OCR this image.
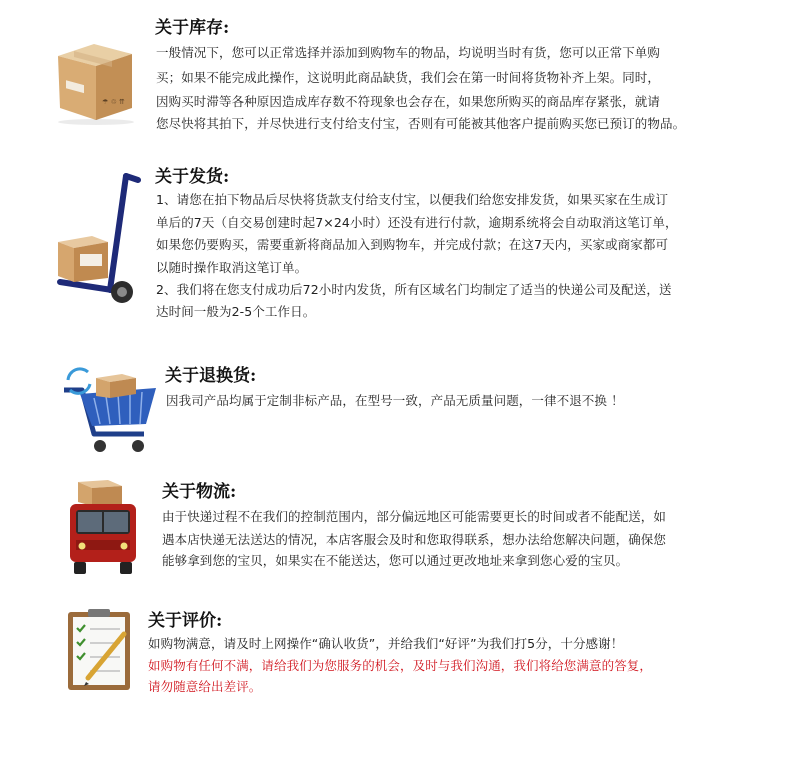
☂ ♲ ⇈
关于库存:
一般情况下，您可以正常选择并添加到购物车的物品，均说明当时有货，您可以正常下单购
买；如果不能完成此操作，这说明此商品缺货，我们会在第一时间将货物补齐上架。同时，
因购买时滞等各种原因造成库存数不符现象也会存在，如果您所购买的商品库存紧张，就请
您尽快将其拍下，并尽快进行支付给支付宝，否则有可能被其他客户提前购买您已预订的物品。
关于发货:
1、请您在拍下物品后尽快将货款支付给支付宝，以便我们给您安排发货，如果买家在生成订
单后的7天（自交易创建时起7×24小时）还没有进行付款，逾期系统将会自动取消这笔订单，
如果您仍要购买，需要重新将商品加入到购物车，并完成付款；在这7天内，买家或商家都可
以随时操作取消这笔订单。
2、我们将在您支付成功后72小时内发货，所有区域名门均制定了适当的快递公司及配送，送
达时间一般为2-5个工作日。
关于退换货:
因我司产品均属于定制非标产品，在型号一致，产品无质量问题，一律不退不换 ！
关于物流:
由于快递过程不在我们的控制范围内，部分偏远地区可能需要更长的时间或者不能配送，如
遇本店快递无法送达的情况，本店客服会及时和您取得联系，想办法给您解决问题，确保您
能够拿到您的宝贝，如果实在不能送达，您可以通过更改地址来拿到您心爱的宝贝。
关于评价:
如购物满意，请及时上网操作“确认收货”，并给我们“好评”为我们打5分，十分感谢！
如购物有任何不满，请给我们为您服务的机会，及时与我们沟通，我们将给您满意的答复，
请勿随意给出差评。
